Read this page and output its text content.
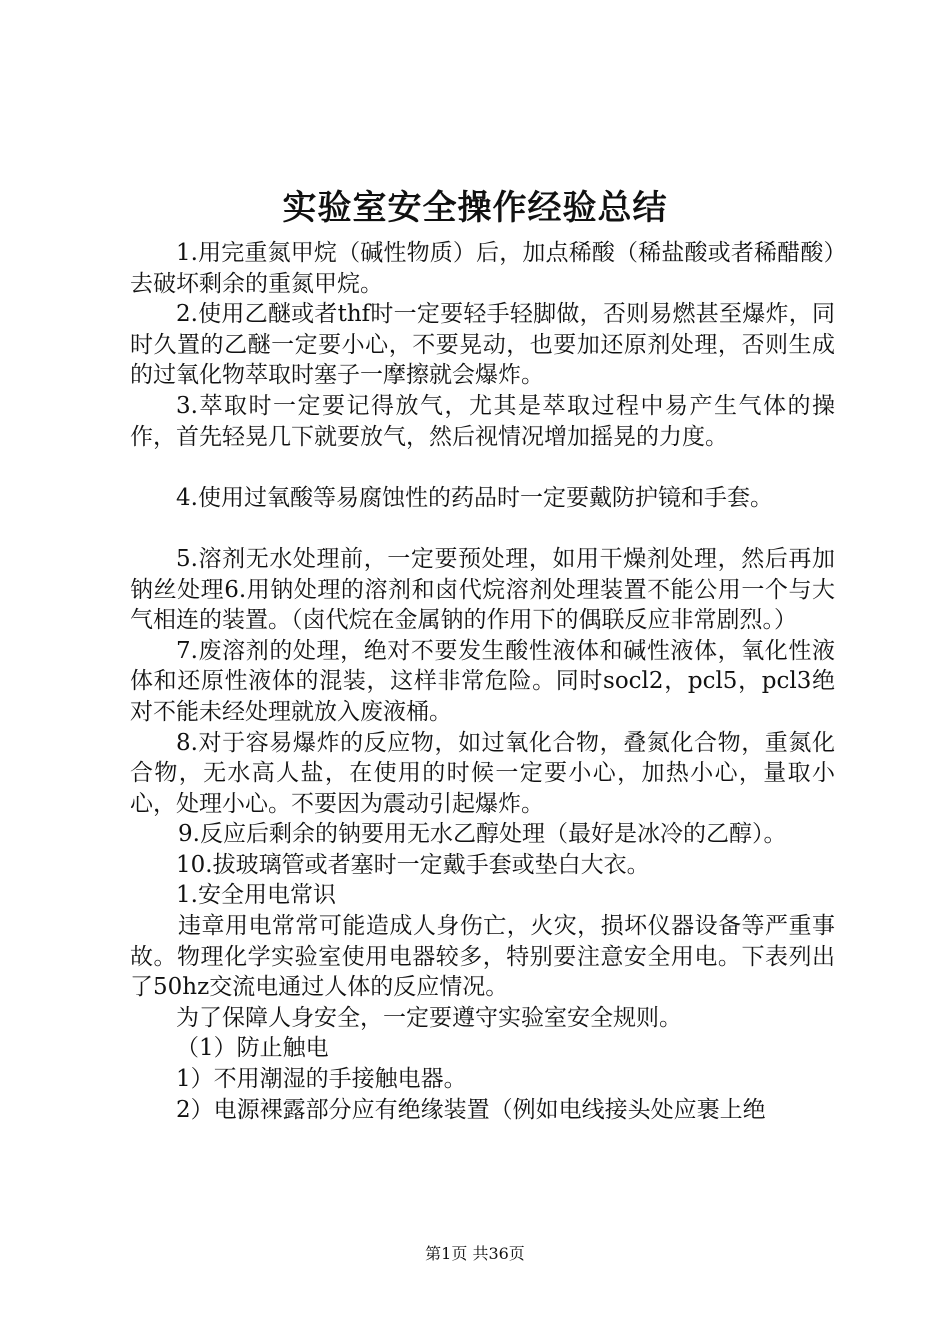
实验室安全操作经验总结

1.用完重氮甲烷（碱性物质）后，加点稀酸（稀盐酸或者稀醋酸）去破坏剩余的重氮甲烷。

2.使用乙醚或者thf时一定要轻手轻脚做，否则易燃甚至爆炸，同时久置的乙醚一定要小心，不要晃动，也要加还原剂处理，否则生成的过氧化物萃取时塞子一摩擦就会爆炸。

3.萃取时一定要记得放气，尤其是萃取过程中易产生气体的操作，首先轻晃几下就要放气，然后视情况增加摇晃的力度。

4.使用过氧酸等易腐蚀性的药品时一定要戴防护镜和手套。

5.溶剂无水处理前，一定要预处理，如用干燥剂处理，然后再加钠丝处理6.用钠处理的溶剂和卤代烷溶剂处理装置不能公用一个与大气相连的装置。（卤代烷在金属钠的作用下的偶联反应非常剧烈。）

7.废溶剂的处理，绝对不要发生酸性液体和碱性液体，氧化性液体和还原性液体的混装，这样非常危险。同时socl2，pcl5，pcl3绝对不能未经处理就放入废液桶。

8.对于容易爆炸的反应物，如过氧化合物，叠氮化合物，重氮化合物，无水高人盐，在使用的时候一定要小心，加热小心，量取小心，处理小心。不要因为震动引起爆炸。

9.反应后剩余的钠要用无水乙醇处理（最好是冰冷的乙醇）。

10.拔玻璃管或者塞时一定戴手套或垫白大衣。

1.安全用电常识

违章用电常常可能造成人身伤亡，火灾，损坏仪器设备等严重事故。物理化学实验室使用电器较多，特别要注意安全用电。下表列出了50hz交流电通过人体的反应情况。

为了保障人身安全，一定要遵守实验室安全规则。

（1）防止触电

1）不用潮湿的手接触电器。

2）电源裸露部分应有绝缘装置（例如电线接头处应裹上绝

第1页 共36页
